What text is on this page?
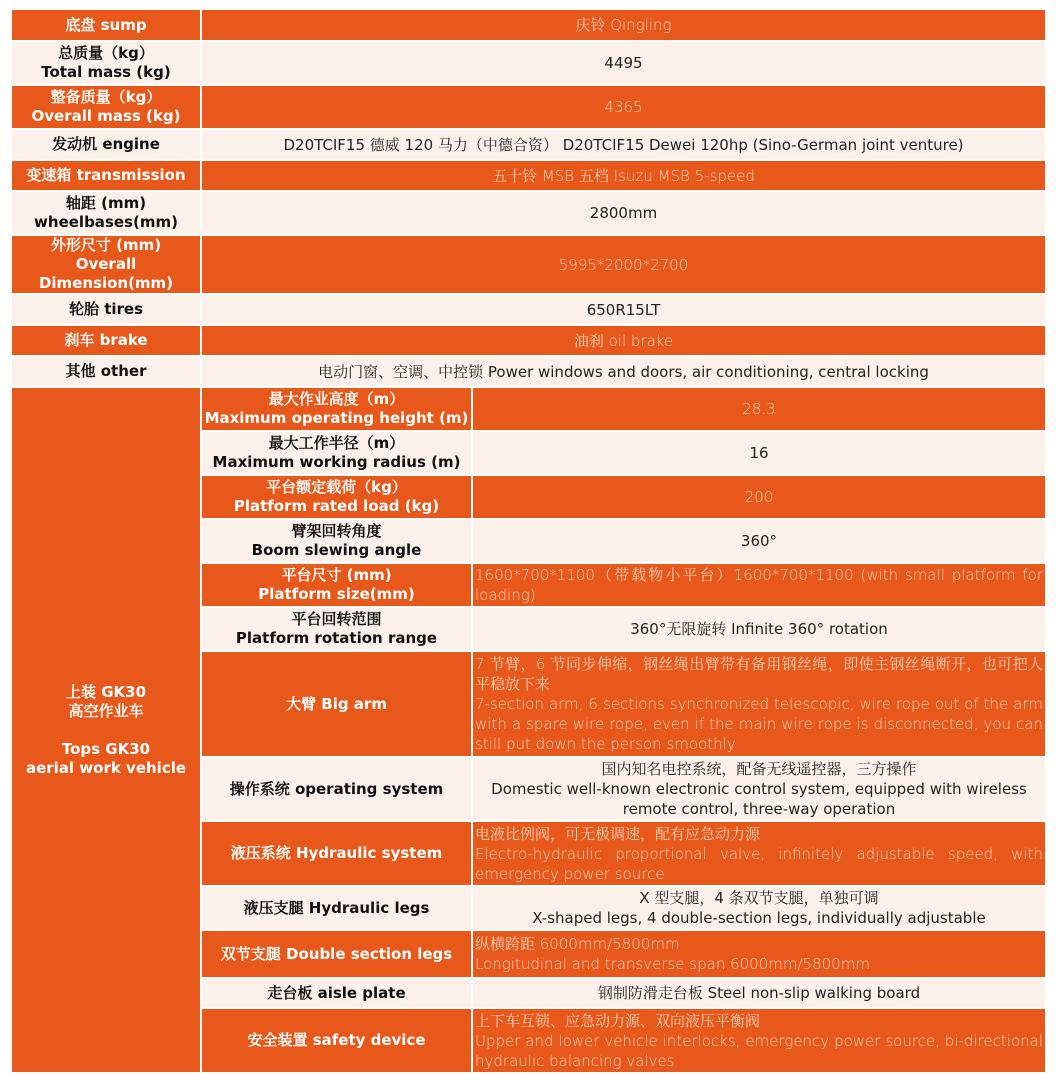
底盘 sump	庆铃 Qingling	
总质量（kg）
Total mass (kg)	4495	
整备质量（kg）
Overall mass (kg)	4365	
发动机 engine	D20TCIF15 德威 120 马力（中德合资） D20TCIF15 Dewei 120hp (Sino-German joint venture)	
变速箱 transmission	五十铃 MSB 五档 Isuzu MSB 5-speed	
轴距 (mm)
wheelbases(mm)	2800mm	
外形尺寸 (mm)
Overall Dimension(mm)	5995*2000*2700	
轮胎 tires	650R15LT	
刹车 brake	油刹 oil brake	
其他 other	电动门窗、空调、中控锁 Power windows and doors, air conditioning, central locking	
上装 GK30
高空作业车

Tops GK30
aerial work vehicle	最大作业高度（m）
Maximum operating height (m)	28.3
	最大工作半径（m）
Maximum working radius (m)	16
	平台额定载荷（kg）
Platform rated load (kg)	200
	臂架回转角度
Boom slewing angle	360°
	平台尺寸 (mm)
Platform size(mm)	1600*700*1100（带载物小平台）1600*700*1100 (with small platform for loading)
	平台回转范围
Platform rotation range	360°无限旋转 Infinite 360° rotation
	大臂 Big arm	7 节臂，6 节同步伸缩，钢丝绳出臂带有备用钢丝绳，即使主钢丝绳断开，也可把人平稳放下来
7-section arm, 6 sections synchronized telescopic, wire rope out of the arm with a spare wire rope, even if the main wire rope is disconnected, you can still put down the person smoothly
	操作系统 operating system	国内知名电控系统，配备无线遥控器，三方操作
Domestic well-known electronic control system, equipped with wireless remote control, three-way operation
	液压系统 Hydraulic system	电液比例阀，可无极调速，配有应急动力源
Electro-hydraulic proportional valve, infinitely adjustable speed, with emergency power source
	液压支腿 Hydraulic legs	X 型支腿，4 条双节支腿，单独可调
X-shaped legs, 4 double-section legs, individually adjustable
	双节支腿 Double section legs	纵横跨距 6000mm/5800mm
Longitudinal and transverse span 6000mm/5800mm
	走台板 aisle plate	钢制防滑走台板 Steel non-slip walking board
	安全装置 safety device	上下车互锁、应急动力源、双向液压平衡阀
Upper and lower vehicle interlocks, emergency power source, bi-directional hydraulic balancing valves
